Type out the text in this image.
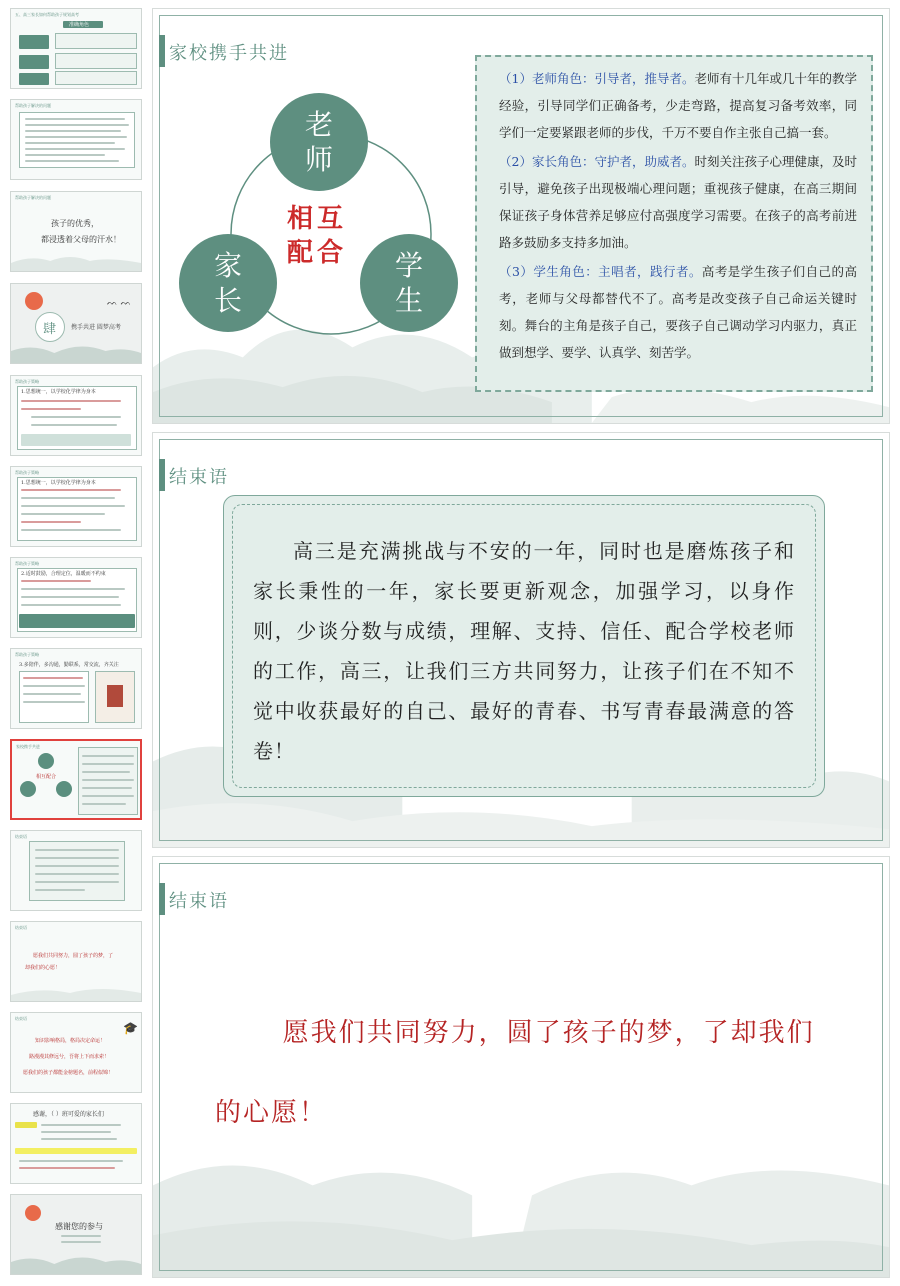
五、高三家长如何帮助孩子规划高考
准确角色
帮助孩子解决的问题
帮助孩子解决的问题
孩子的优秀，
都浸透着父母的汗水！
肆 携手共进 圆梦高考
ᨓ ᨓ
帮助孩子策略
1.思想统一，以学校化学律为身本
帮助孩子策略
1.思想统一，以学校化学律为身本
帮助孩子策略
2.适时鼓励，合理定位，温暖而不约束
帮助孩子策略
3.多陪伴，多沟通，勤联系，常交流，齐关注
家校携手共进
相互配合
结束语
结束语
愿我们共同努力，圆了孩子的梦，了
却我们的心愿！
结束语
🎓
知识影响格局，格局决定命运！
路漫漫其修远兮，吾将上下而求索！
愿我们的孩子都能金榜题名，前程似锦！
感谢，（ ）班可爱的家长们
感谢您的参与
家校携手共进
老
师
家
长
学
生
相互
配合

（1）老师角色：引导者，推导者。老师有十几年或几十年的教学经验，引导同学们正确备考，少走弯路，提高复习备考效率，同学们一定要紧跟老师的步伐，千万不要自作主张自己搞一套。

（2）家长角色：守护者，助威者。时刻关注孩子心理健康，及时引导，避免孩子出现极端心理问题；重视孩子健康，在高三期间保证孩子身体营养足够应付高强度学习需要。在孩子的高考前进路多鼓励多支持多加油。

（3）学生角色：主唱者，践行者。高考是学生孩子们自己的高考，老师与父母都替代不了。高考是改变孩子自己命运关键时刻。舞台的主角是孩子自己，要孩子自己调动学习内驱力，真正做到想学、要学、认真学、刻苦学。

结束语

高三是充满挑战与不安的一年，同时也是磨炼孩子和家长秉性的一年，家长要更新观念，加强学习，以身作则，少谈分数与成绩，理解、支持、信任、配合学校老师的工作，高三，让我们三方共同努力，让孩子们在不知不觉中收获最好的自己、最好的青春、书写青春最满意的答卷！

结束语

愿我们共同努力，圆了孩子的梦，了却我们的心愿！
